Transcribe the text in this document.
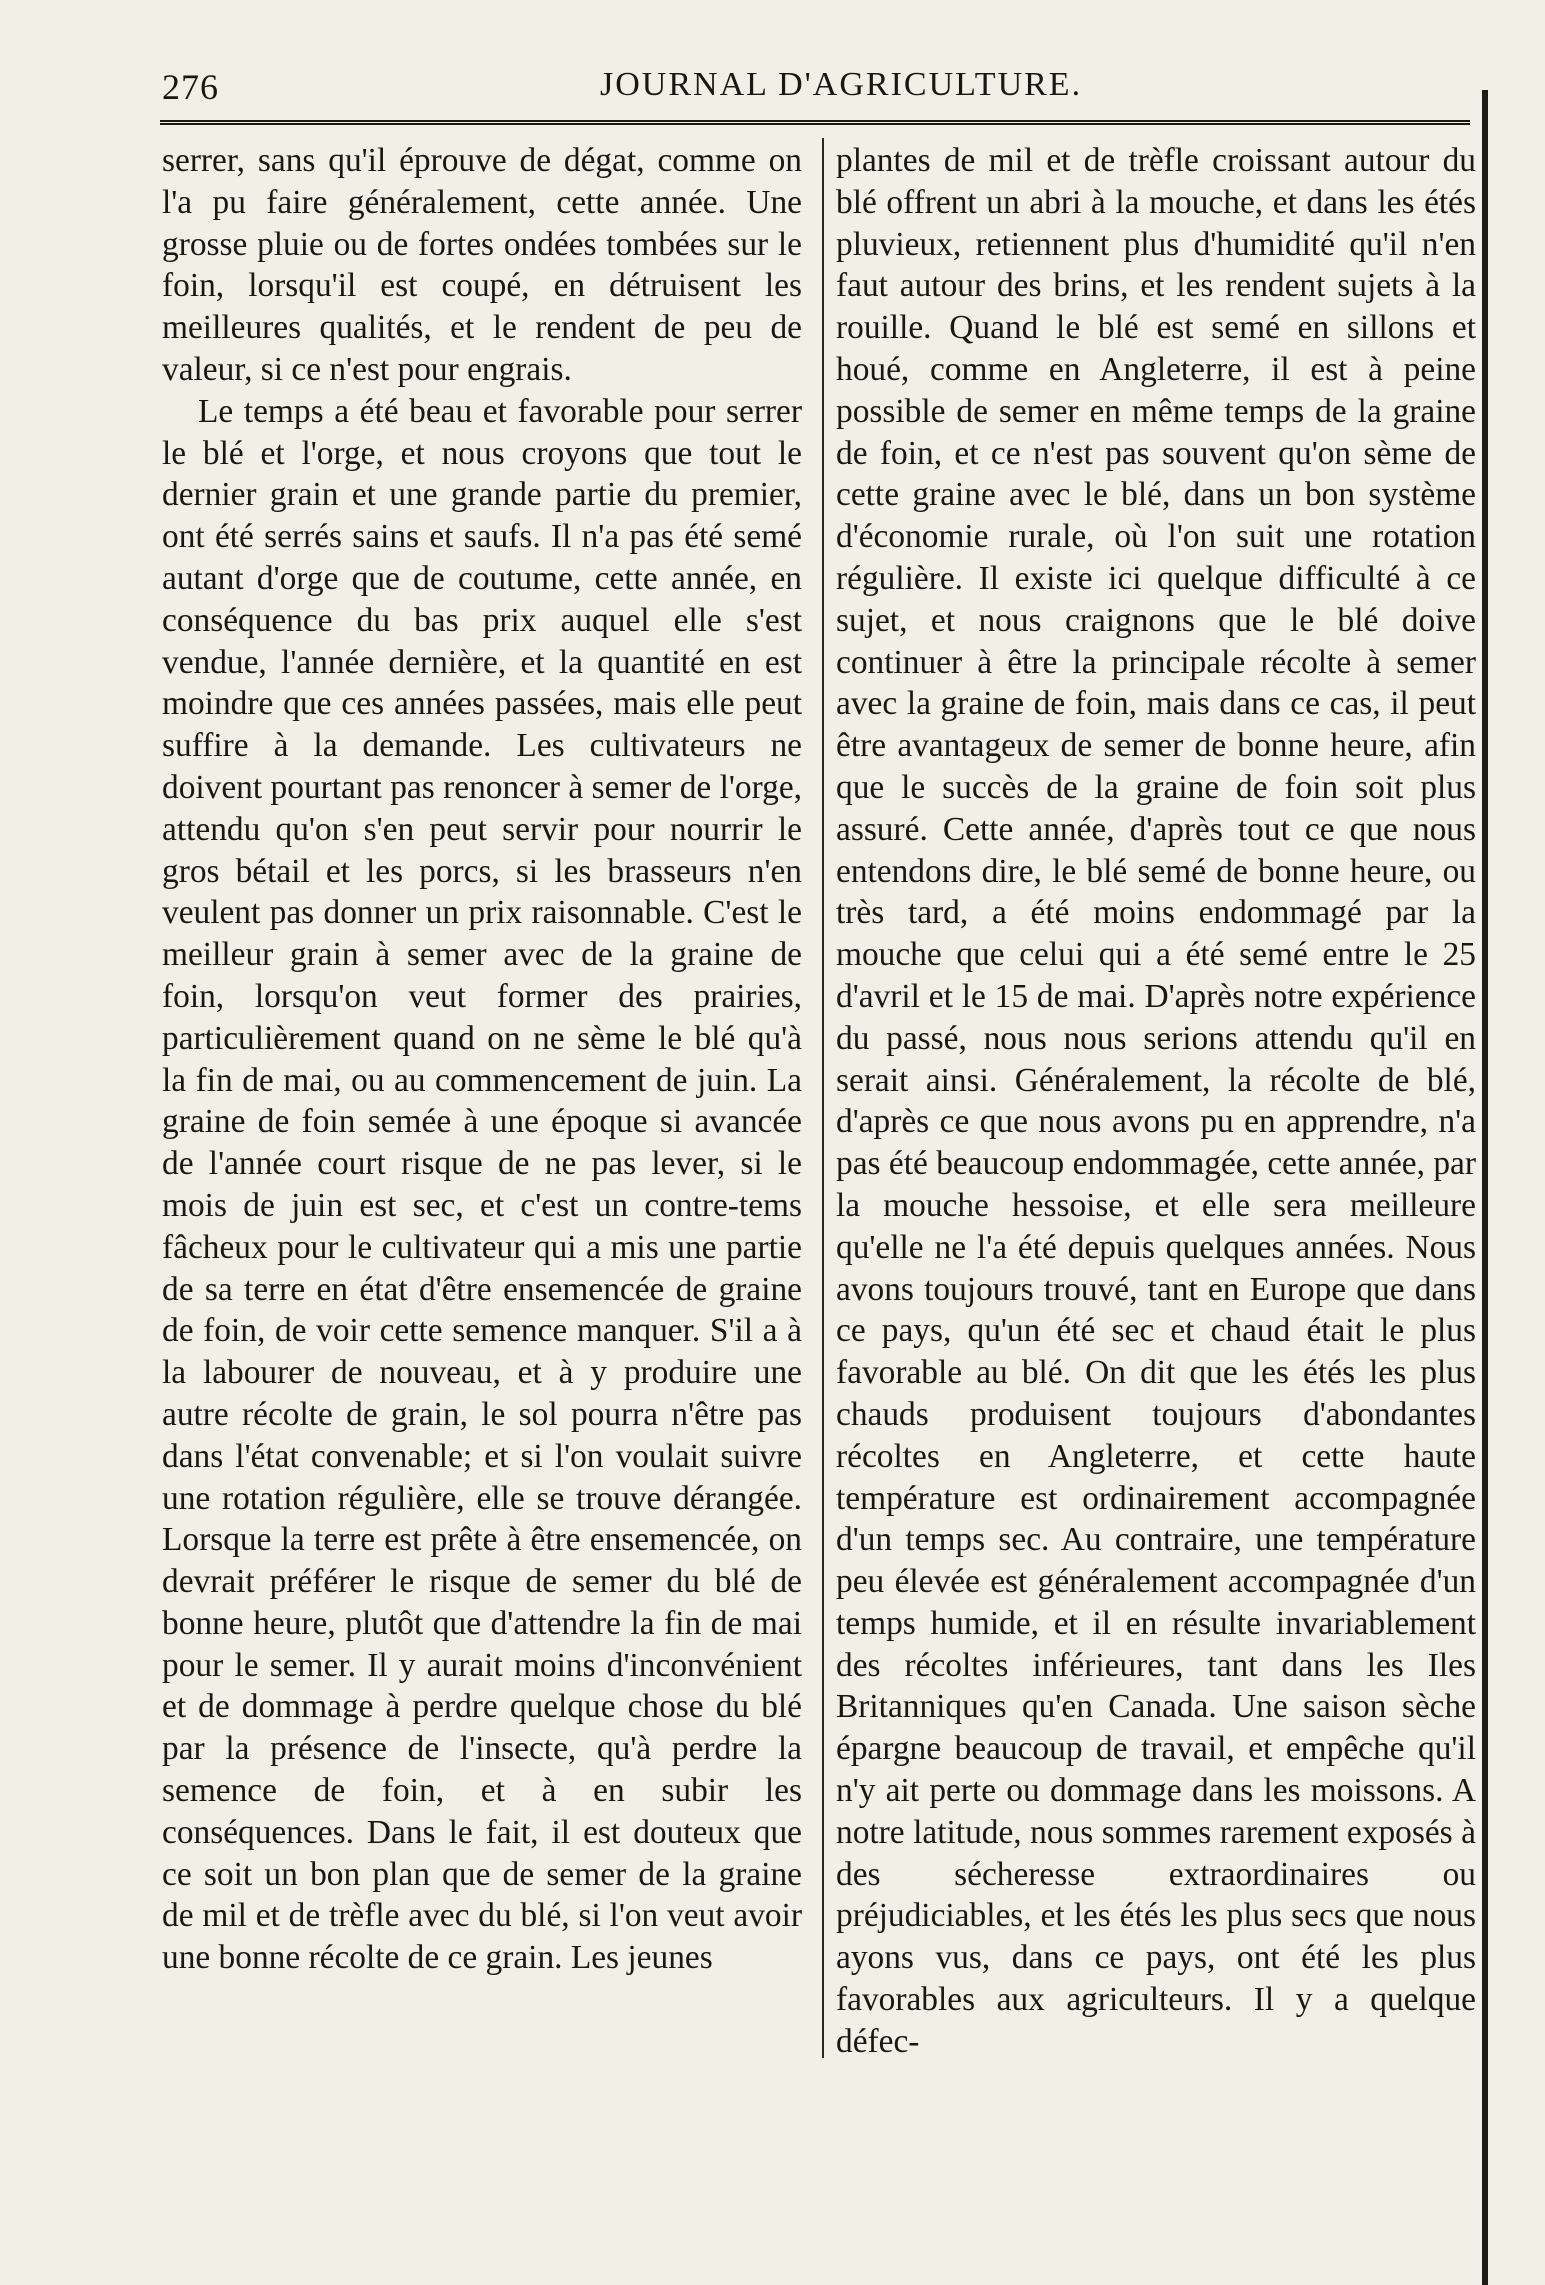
276	JOURNAL D'AGRICULTURE.

serrer, sans qu'il éprouve de dégat, comme on l'a pu faire généralement, cette année. Une grosse pluie ou de fortes ondées tombées sur le foin, lorsqu'il est coupé, en détruisent les meilleures qualités, et le rendent de peu de valeur, si ce n'est pour engrais.

Le temps a été beau et favorable pour serrer le blé et l'orge, et nous croyons que tout le dernier grain et une grande partie du premier, ont été serrés sains et saufs. Il n'a pas été semé autant d'orge que de coutume, cette année, en conséquence du bas prix auquel elle s'est vendue, l'année dernière, et la quantité en est moindre que ces années passées, mais elle peut suffire à la demande. Les cultivateurs ne doivent pourtant pas renoncer à semer de l'orge, attendu qu'on s'en peut servir pour nourrir le gros bétail et les porcs, si les brasseurs n'en veulent pas donner un prix raisonnable. C'est le meilleur grain à semer avec de la graine de foin, lorsqu'on veut former des prairies, particulièrement quand on ne sème le blé qu'à la fin de mai, ou au commencement de juin. La graine de foin semée à une époque si avancée de l'année court risque de ne pas lever, si le mois de juin est sec, et c'est un contre-tems fâcheux pour le cultivateur qui a mis une partie de sa terre en état d'être ensemencée de graine de foin, de voir cette semence manquer. S'il a à la labourer de nouveau, et à y produire une autre récolte de grain, le sol pourra n'être pas dans l'état convenable; et si l'on voulait suivre une rotation régulière, elle se trouve dérangée. Lorsque la terre est prête à être ensemencée, on devrait préférer le risque de semer du blé de bonne heure, plutôt que d'attendre la fin de mai pour le semer. Il y aurait moins d'inconvénient et de dommage à perdre quelque chose du blé par la présence de l'insecte, qu'à perdre la semence de foin, et à en subir les conséquences. Dans le fait, il est douteux que ce soit un bon plan que de semer de la graine de mil et de trèfle avec du blé, si l'on veut avoir une bonne récolte de ce grain. Les jeunes

plantes de mil et de trèfle croissant autour du blé offrent un abri à la mouche, et dans les étés pluvieux, retiennent plus d'humidité qu'il n'en faut autour des brins, et les rendent sujets à la rouille. Quand le blé est semé en sillons et houé, comme en Angleterre, il est à peine possible de semer en même temps de la graine de foin, et ce n'est pas souvent qu'on sème de cette graine avec le blé, dans un bon système d'économie rurale, où l'on suit une rotation régulière. Il existe ici quelque difficulté à ce sujet, et nous craignons que le blé doive continuer à être la principale récolte à semer avec la graine de foin, mais dans ce cas, il peut être avantageux de semer de bonne heure, afin que le succès de la graine de foin soit plus assuré. Cette année, d'après tout ce que nous entendons dire, le blé semé de bonne heure, ou très tard, a été moins endommagé par la mouche que celui qui a été semé entre le 25 d'avril et le 15 de mai. D'après notre expérience du passé, nous nous serions attendu qu'il en serait ainsi. Généralement, la récolte de blé, d'après ce que nous avons pu en apprendre, n'a pas été beaucoup endommagée, cette année, par la mouche hessoise, et elle sera meilleure qu'elle ne l'a été depuis quelques années. Nous avons toujours trouvé, tant en Europe que dans ce pays, qu'un été sec et chaud était le plus favorable au blé. On dit que les étés les plus chauds produisent toujours d'abondantes récoltes en Angleterre, et cette haute température est ordinairement accompagnée d'un temps sec. Au contraire, une température peu élevée est généralement accompagnée d'un temps humide, et il en résulte invariablement des récoltes inférieures, tant dans les Iles Britanniques qu'en Canada. Une saison sèche épargne beaucoup de travail, et empêche qu'il n'y ait perte ou dommage dans les moissons. A notre latitude, nous sommes rarement exposés à des sécheresse extraordinaires ou préjudiciables, et les étés les plus secs que nous ayons vus, dans ce pays, ont été les plus favorables aux agriculteurs. Il y a quelque défec-
